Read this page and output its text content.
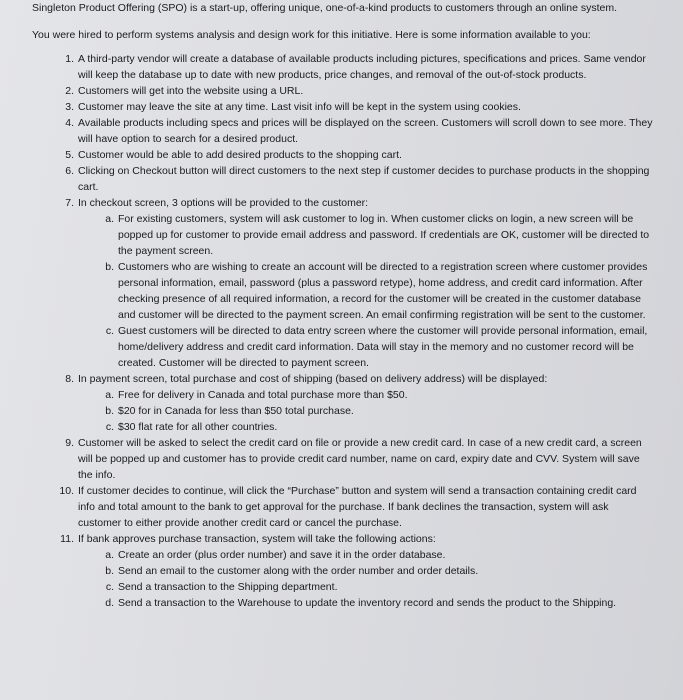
Singleton Product Offering (SPO) is a start-up, offering unique, one-of-a-kind products to customers through an online system.

You were hired to perform systems analysis and design work for this initiative. Here is some information available to you:

1. A third-party vendor will create a database of available products including pictures, specifications and prices. Same vendor will keep the database up to date with new products, price changes, and removal of the out-of-stock products.
2. Customers will get into the website using a URL.
3. Customer may leave the site at any time. Last visit info will be kept in the system using cookies.
4. Available products including specs and prices will be displayed on the screen. Customers will scroll down to see more. They will have option to search for a desired product.
5. Customer would be able to add desired products to the shopping cart.
6. Clicking on Checkout button will direct customers to the next step if customer decides to purchase products in the shopping cart.
7. In checkout screen, 3 options will be provided to the customer:
a. For existing customers, system will ask customer to log in. When customer clicks on login, a new screen will be popped up for customer to provide email address and password. If credentials are OK, customer will be directed to the payment screen.
b. Customers who are wishing to create an account will be directed to a registration screen where customer provides personal information, email, password (plus a password retype), home address, and credit card information. After checking presence of all required information, a record for the customer will be created in the customer database and customer will be directed to the payment screen. An email confirming registration will be sent to the customer.
c. Guest customers will be directed to data entry screen where the customer will provide personal information, email, home/delivery address and credit card information. Data will stay in the memory and no customer record will be created. Customer will be directed to payment screen.
8. In payment screen, total purchase and cost of shipping (based on delivery address) will be displayed:
a. Free for delivery in Canada and total purchase more than $50.
b. $20 for in Canada for less than $50 total purchase.
c. $30 flat rate for all other countries.
9. Customer will be asked to select the credit card on file or provide a new credit card. In case of a new credit card, a screen will be popped up and customer has to provide credit card number, name on card, expiry date and CVV. System will save the info.
10. If customer decides to continue, will click the “Purchase” button and system will send a transaction containing credit card info and total amount to the bank to get approval for the purchase. If bank declines the transaction, system will ask customer to either provide another credit card or cancel the purchase.
11. If bank approves purchase transaction, system will take the following actions:
a. Create an order (plus order number) and save it in the order database.
b. Send an email to the customer along with the order number and order details.
c. Send a transaction to the Shipping department.
d. Send a transaction to the Warehouse to update the inventory record and sends the product to the Shipping.
